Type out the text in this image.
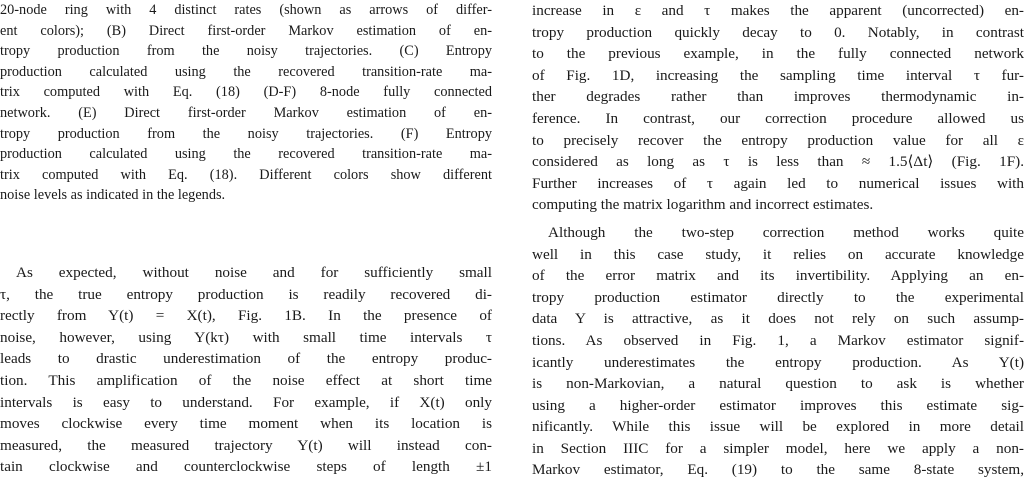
20-node ring with 4 distinct rates (shown as arrows of differ-
ent colors); (B) Direct first-order Markov estimation of en-
tropy production from the noisy trajectories. (C) Entropy
production calculated using the recovered transition-rate ma-
trix computed with Eq. (18) (D-F) 8-node fully connected
network. (E) Direct first-order Markov estimation of en-
tropy production from the noisy trajectories. (F) Entropy
production calculated using the recovered transition-rate ma-
trix computed with Eq. (18). Different colors show different
noise levels as indicated in the legends.
As expected, without noise and for sufficiently small
τ, the true entropy production is readily recovered di-
rectly from Y(t) = X(t), Fig. 1B. In the presence of
noise, however, using Y(kτ) with small time intervals τ
leads to drastic underestimation of the entropy produc-
tion. This amplification of the noise effect at short time
intervals is easy to understand. For example, if X(t) only
moves clockwise every time moment when its location is
measured, the measured trajectory Y(t) will instead con-
tain clockwise and counterclockwise steps of length ±1
increase in ε and τ makes the apparent (uncorrected) en-
tropy production quickly decay to 0. Notably, in contrast
to the previous example, in the fully connected network
of Fig. 1D, increasing the sampling time interval τ fur-
ther degrades rather than improves thermodynamic in-
ference. In contrast, our correction procedure allowed us
to precisely recover the entropy production value for all ε
considered as long as τ is less than ≈ 1.5⟨Δt⟩ (Fig. 1F).
Further increases of τ again led to numerical issues with
computing the matrix logarithm and incorrect estimates.
Although the two-step correction method works quite
well in this case study, it relies on accurate knowledge
of the error matrix and its invertibility. Applying an en-
tropy production estimator directly to the experimental
data Y is attractive, as it does not rely on such assump-
tions. As observed in Fig. 1, a Markov estimator signif-
icantly underestimates the entropy production. As Y(t)
is non-Markovian, a natural question to ask is whether
using a higher-order estimator improves this estimate sig-
nificantly. While this issue will be explored in more detail
in Section IIIC for a simpler model, here we apply a non-
Markov estimator, Eq. (19) to the same 8-state system,
